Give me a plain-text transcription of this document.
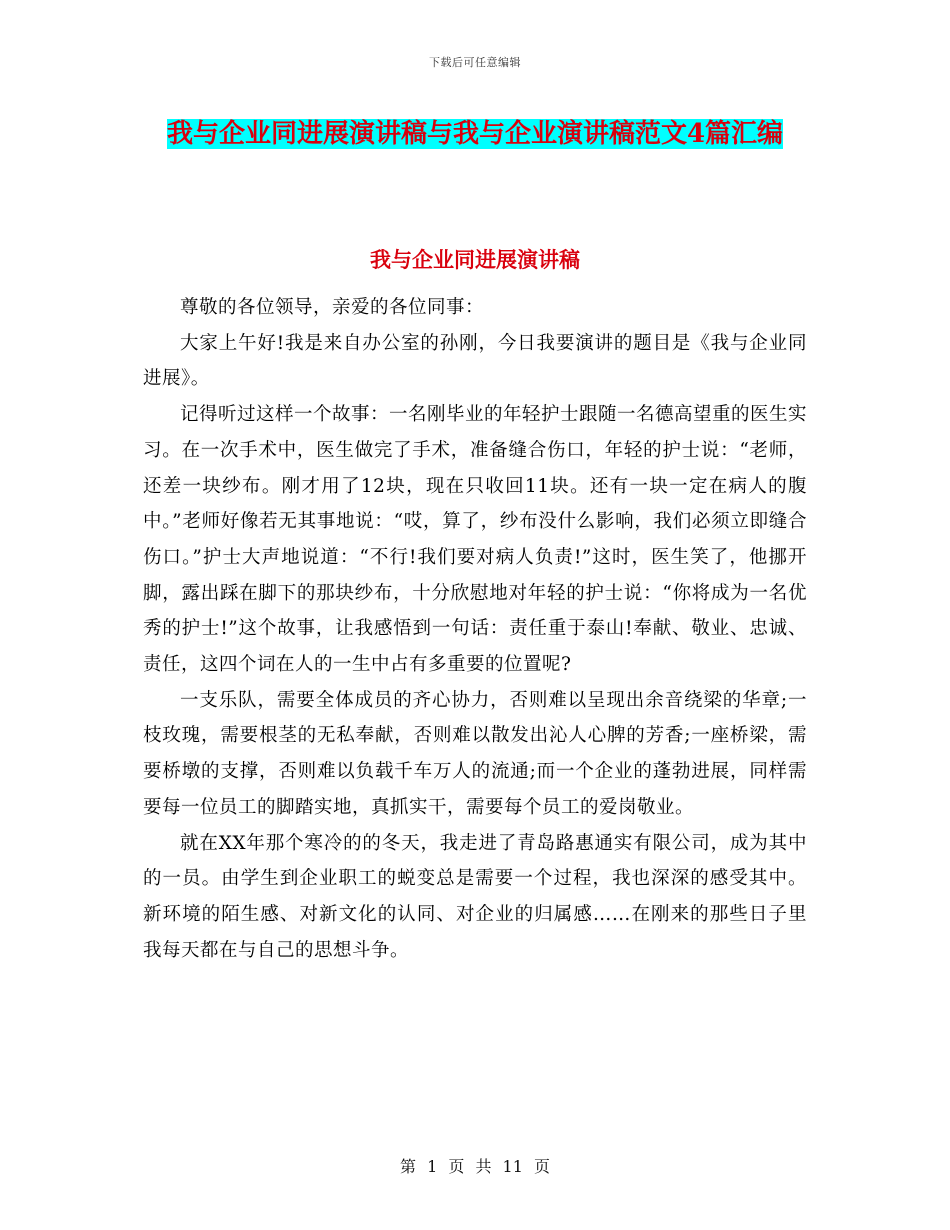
下载后可任意编辑
我与企业同进展演讲稿与我与企业演讲稿范文4篇汇编
我与企业同进展演讲稿

尊敬的各位领导，亲爱的各位同事：

大家上午好!我是来自办公室的孙刚，今日我要演讲的题目是《我与企业同进展》。

记得听过这样一个故事：一名刚毕业的年轻护士跟随一名德高望重的医生实习。在一次手术中，医生做完了手术，准备缝合伤口，年轻的护士说：“老师，还差一块纱布。刚才用了12块，现在只收回11块。还有一块一定在病人的腹中。”老师好像若无其事地说：“哎，算了，纱布没什么影响，我们必须立即缝合伤口。”护士大声地说道：“不行!我们要对病人负责!”这时，医生笑了，他挪开脚，露出踩在脚下的那块纱布，十分欣慰地对年轻的护士说：“你将成为一名优秀的护士!”这个故事，让我感悟到一句话：责任重于泰山!奉献、敬业、忠诚、责任，这四个词在人的一生中占有多重要的位置呢?

一支乐队，需要全体成员的齐心协力，否则难以呈现出余音绕梁的华章;一枝玫瑰，需要根茎的无私奉献，否则难以散发出沁人心脾的芳香;一座桥梁，需要桥墩的支撑，否则难以负载千车万人的流通;而一个企业的蓬勃进展，同样需要每一位员工的脚踏实地，真抓实干，需要每个员工的爱岗敬业。

就在XX年那个寒冷的的冬天，我走进了青岛路惠通实有限公司，成为其中的一员。由学生到企业职工的蜕变总是需要一个过程，我也深深的感受其中。新环境的陌生感、对新文化的认同、对企业的归属感……在刚来的那些日子里我每天都在与自己的思想斗争。

第 1 页 共 11 页
